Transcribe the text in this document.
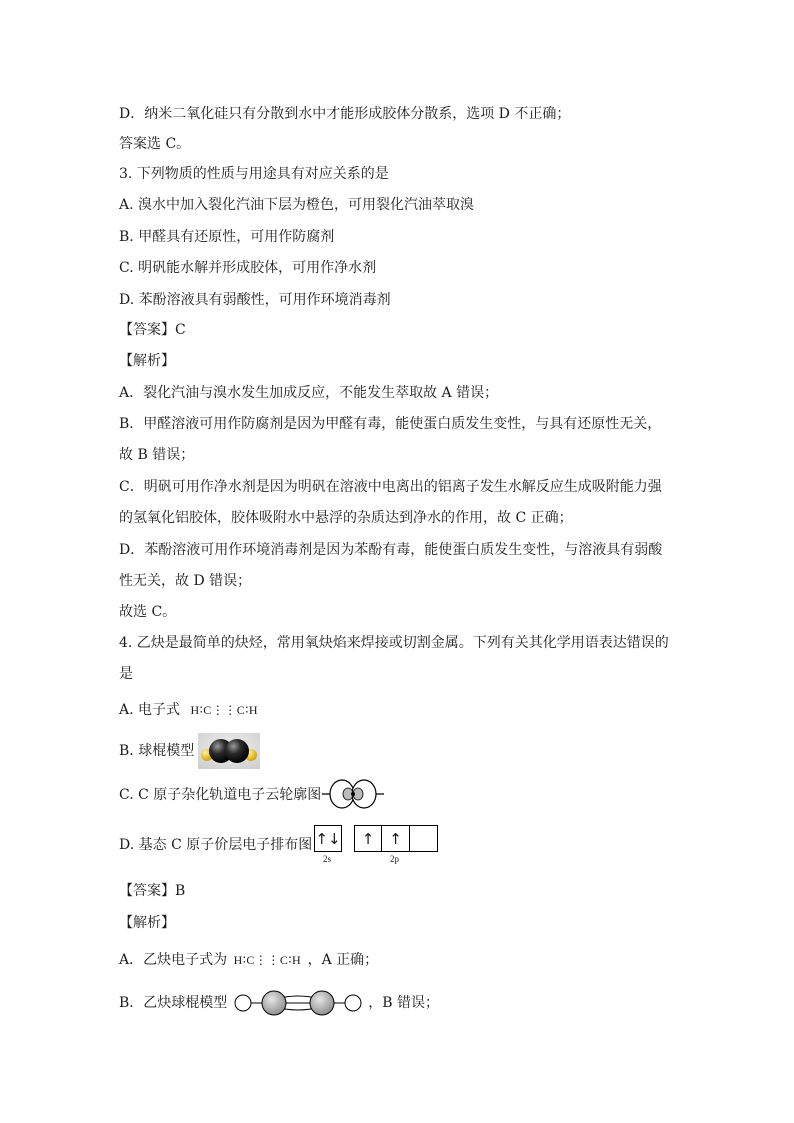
D．纳米二氧化硅只有分散到水中才能形成胶体分散系，选项 D 不正确；
答案选 C。
3. 下列物质的性质与用途具有对应关系的是
A. 溴水中加入裂化汽油下层为橙色，可用裂化汽油萃取溴
B. 甲醛具有还原性，可用作防腐剂
C. 明矾能水解并形成胶体，可用作净水剂
D. 苯酚溶液具有弱酸性，可用作环境消毒剂
【答案】C
【解析】
A．裂化汽油与溴水发生加成反应，不能发生萃取故 A 错误；
B．甲醛溶液可用作防腐剂是因为甲醛有毒，能使蛋白质发生变性，与具有还原性无关，
故 B 错误；
C．明矾可用作净水剂是因为明矾在溶液中电离出的铝离子发生水解反应生成吸附能力强
的氢氧化铝胶体，胶体吸附水中悬浮的杂质达到净水的作用，故 C 正确；
D．苯酚溶液可用作环境消毒剂是因为苯酚有毒，能使蛋白质发生变性，与溶液具有弱酸
性无关，故 D 错误；
故选 C。
4. 乙炔是最简单的炔烃，常用氧炔焰来焊接或切割金属。下列有关其化学用语表达错误的
是
A. 电子式 H∶C⋮⋮C∶H
B. 球棍模型
C. C 原子杂化轨道电子云轮廓图
D. 基态 C 原子价层电子排布图 ↑↓	↑ ↑
2s	2p
【答案】B
【解析】
A．乙炔电子式为 H∶C⋮⋮C∶H ，A 正确；
B．乙炔球棍模型	，B 错误；
